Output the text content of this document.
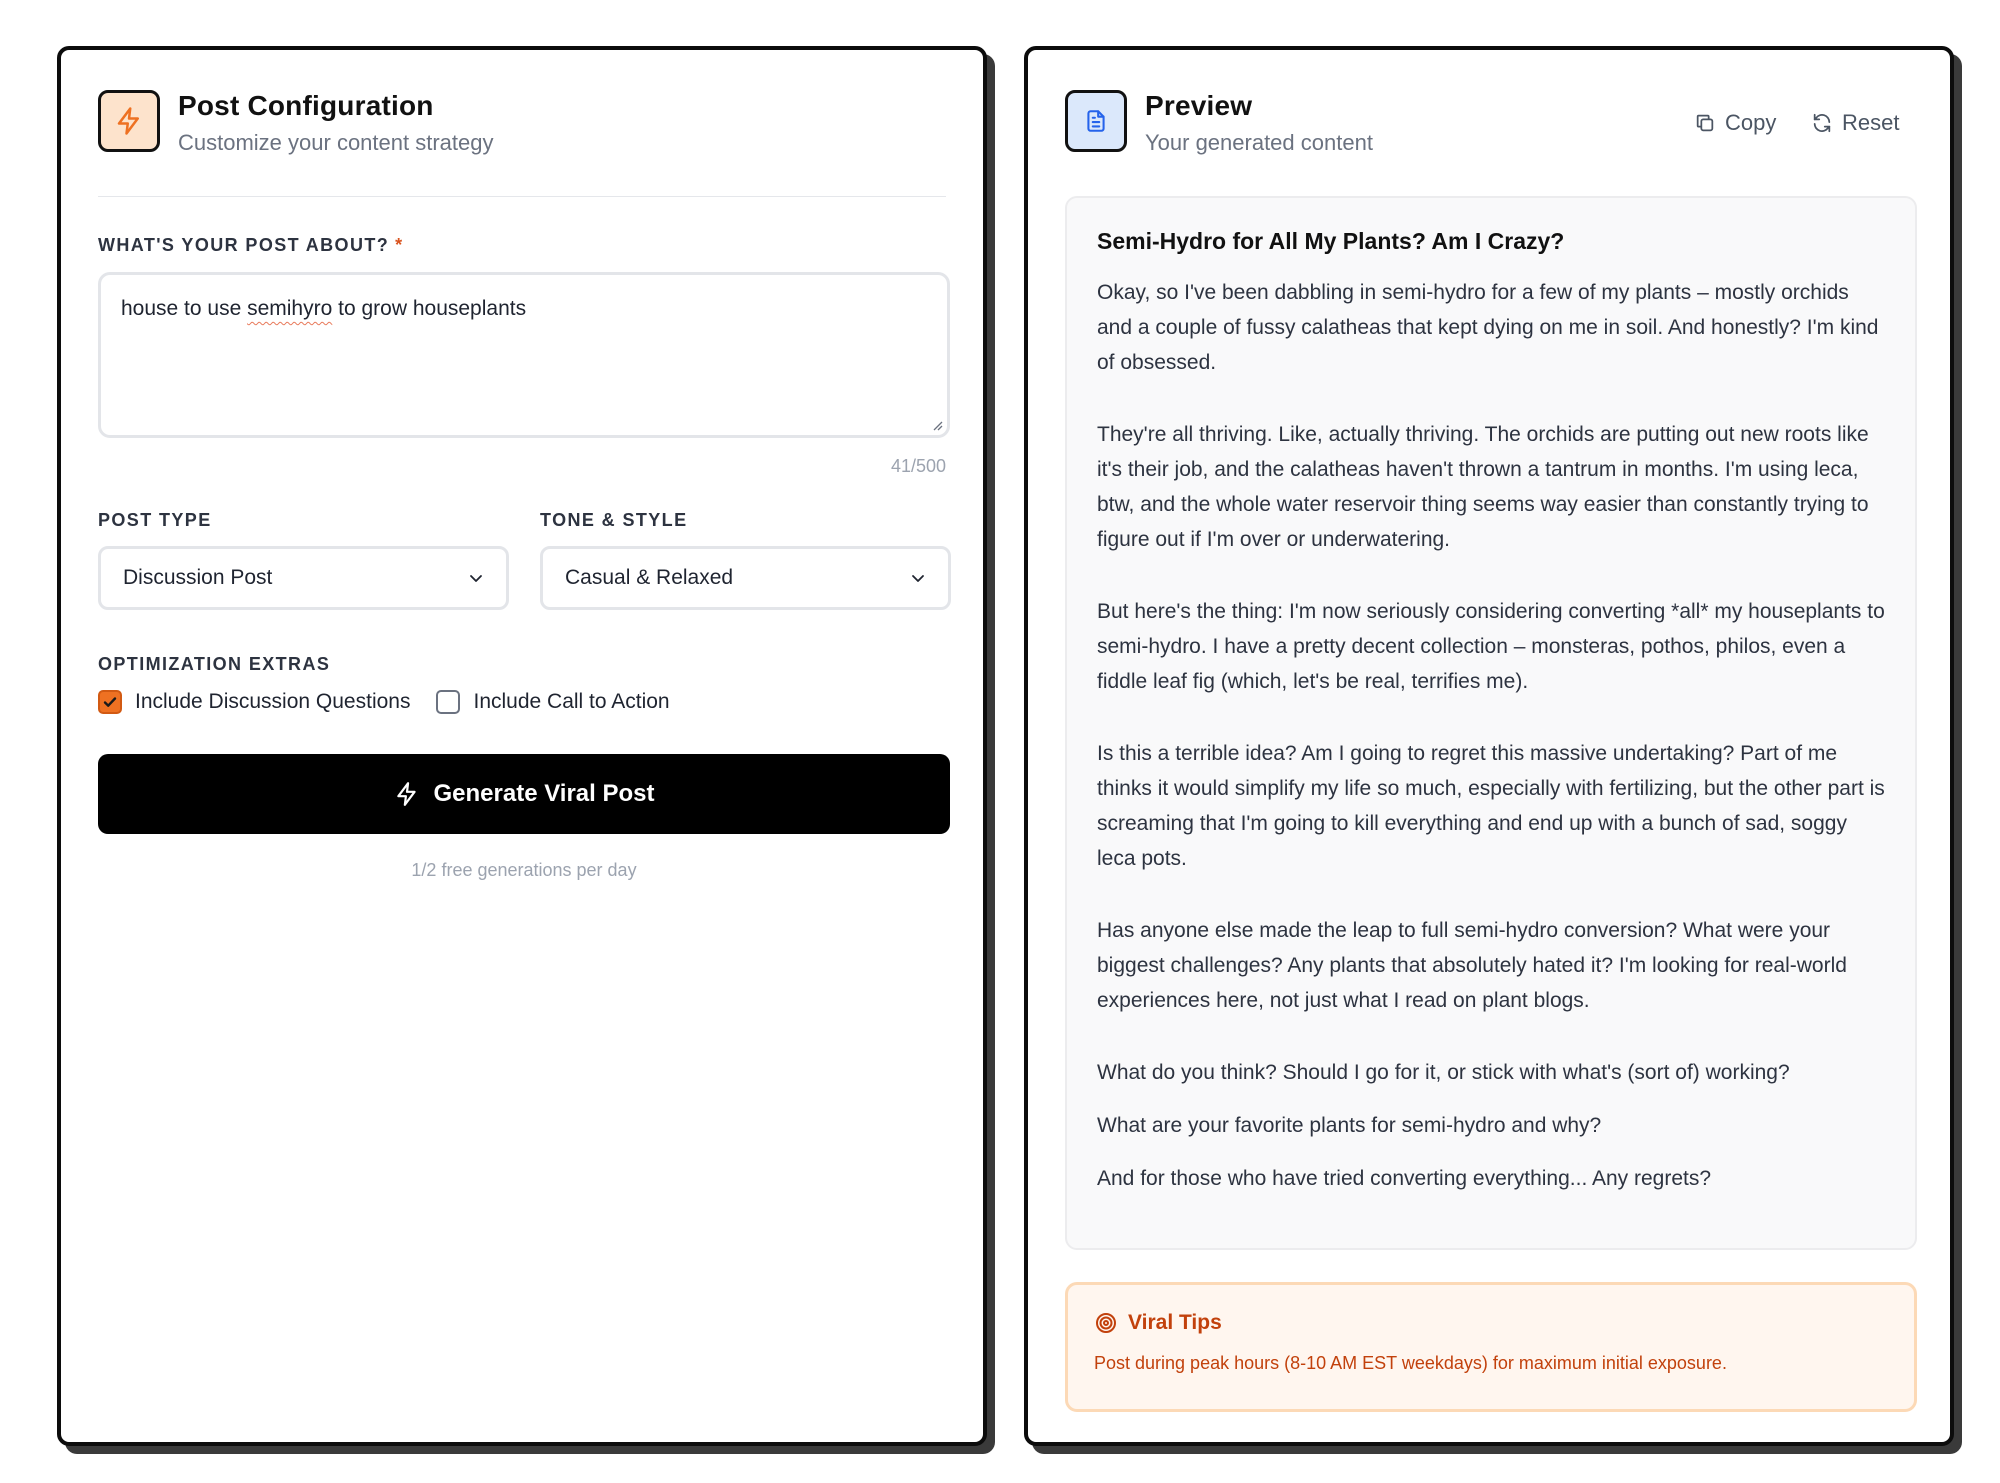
Post Configuration
Customize your content strategy
WHAT'S YOUR POST ABOUT? *
house to use semihyro to grow houseplants
41/500
POST TYPE	TONE & STYLE
Discussion Post	Casual & Relaxed
OPTIMIZATION EXTRAS
Include Discussion Questions	Include Call to Action
Generate Viral Post
1/2 free generations per day
Preview
Your generated content
Copy	Reset
Semi-Hydro for All My Plants? Am I Crazy?

Okay, so I've been dabbling in semi-hydro for a few of my plants – mostly orchids and a couple of fussy calatheas that kept dying on me in soil. And honestly? I'm kind of obsessed.

They're all thriving. Like, actually thriving. The orchids are putting out new roots like it's their job, and the calatheas haven't thrown a tantrum in months. I'm using leca, btw, and the whole water reservoir thing seems way easier than constantly trying to figure out if I'm over or underwatering.

But here's the thing: I'm now seriously considering converting *all* my houseplants to semi-hydro. I have a pretty decent collection – monsteras, pothos, philos, even a fiddle leaf fig (which, let's be real, terrifies me).

Is this a terrible idea? Am I going to regret this massive undertaking? Part of me thinks it would simplify my life so much, especially with fertilizing, but the other part is screaming that I'm going to kill everything and end up with a bunch of sad, soggy leca pots.

Has anyone else made the leap to full semi-hydro conversion? What were your biggest challenges? Any plants that absolutely hated it? I'm looking for real-world experiences here, not just what I read on plant blogs.

What do you think? Should I go for it, or stick with what's (sort of) working?

What are your favorite plants for semi-hydro and why?

And for those who have tried converting everything... Any regrets?

Viral Tips
Post during peak hours (8-10 AM EST weekdays) for maximum initial exposure.
